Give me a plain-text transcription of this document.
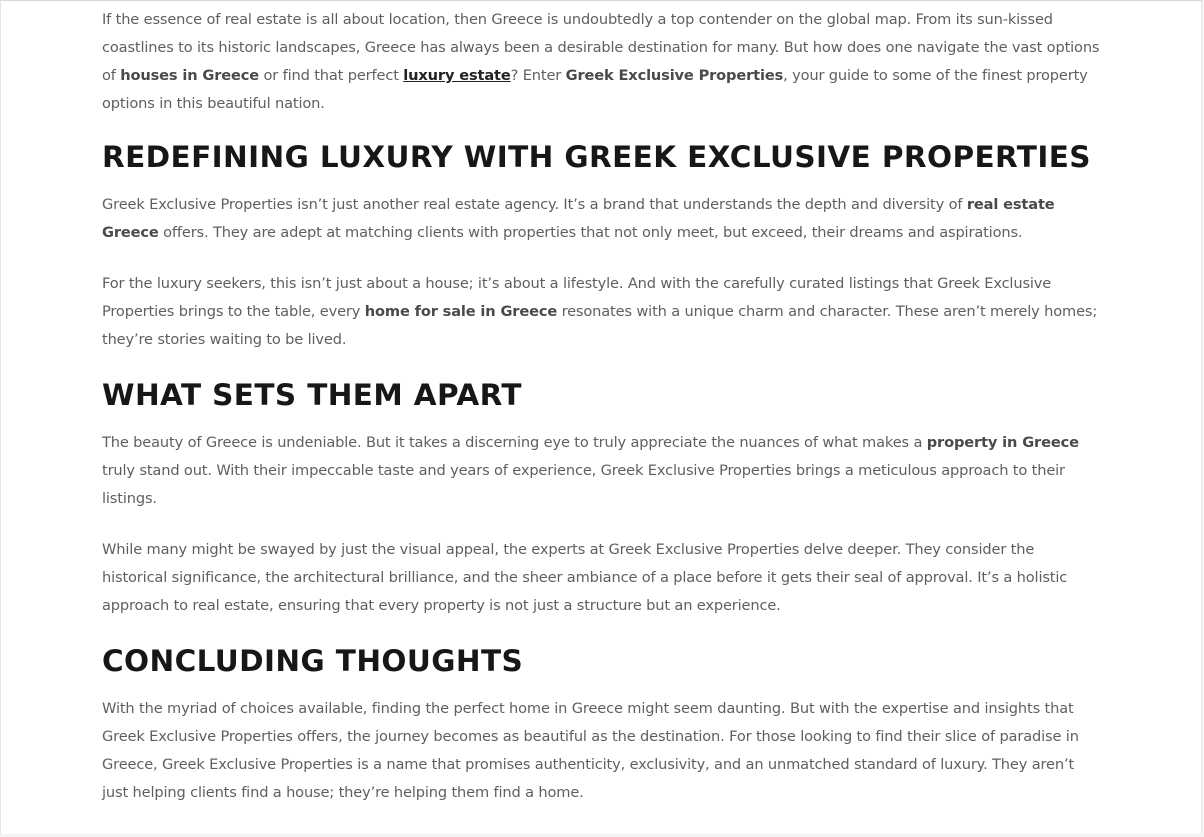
If the essence of real estate is all about location, then Greece is undoubtedly a top contender on the global map. From its sun-kissed coastlines to its historic landscapes, Greece has always been a desirable destination for many. But how does one navigate the vast options of houses in Greece or find that perfect luxury estate? Enter Greek Exclusive Properties, your guide to some of the finest property options in this beautiful nation.

REDEFINING LUXURY WITH GREEK EXCLUSIVE PROPERTIES

Greek Exclusive Properties isn’t just another real estate agency. It’s a brand that understands the depth and diversity of real estate Greece offers. They are adept at matching clients with properties that not only meet, but exceed, their dreams and aspirations.

For the luxury seekers, this isn’t just about a house; it’s about a lifestyle. And with the carefully curated listings that Greek Exclusive Properties brings to the table, every home for sale in Greece resonates with a unique charm and character. These aren’t merely homes; they’re stories waiting to be lived.

WHAT SETS THEM APART

The beauty of Greece is undeniable. But it takes a discerning eye to truly appreciate the nuances of what makes a property in Greece truly stand out. With their impeccable taste and years of experience, Greek Exclusive Properties brings a meticulous approach to their listings.

While many might be swayed by just the visual appeal, the experts at Greek Exclusive Properties delve deeper. They consider the historical significance, the architectural brilliance, and the sheer ambiance of a place before it gets their seal of approval. It’s a holistic approach to real estate, ensuring that every property is not just a structure but an experience.

CONCLUDING THOUGHTS

With the myriad of choices available, finding the perfect home in Greece might seem daunting. But with the expertise and insights that Greek Exclusive Properties offers, the journey becomes as beautiful as the destination. For those looking to find their slice of paradise in Greece, Greek Exclusive Properties is a name that promises authenticity, exclusivity, and an unmatched standard of luxury. They aren’t just helping clients find a house; they’re helping them find a home.
